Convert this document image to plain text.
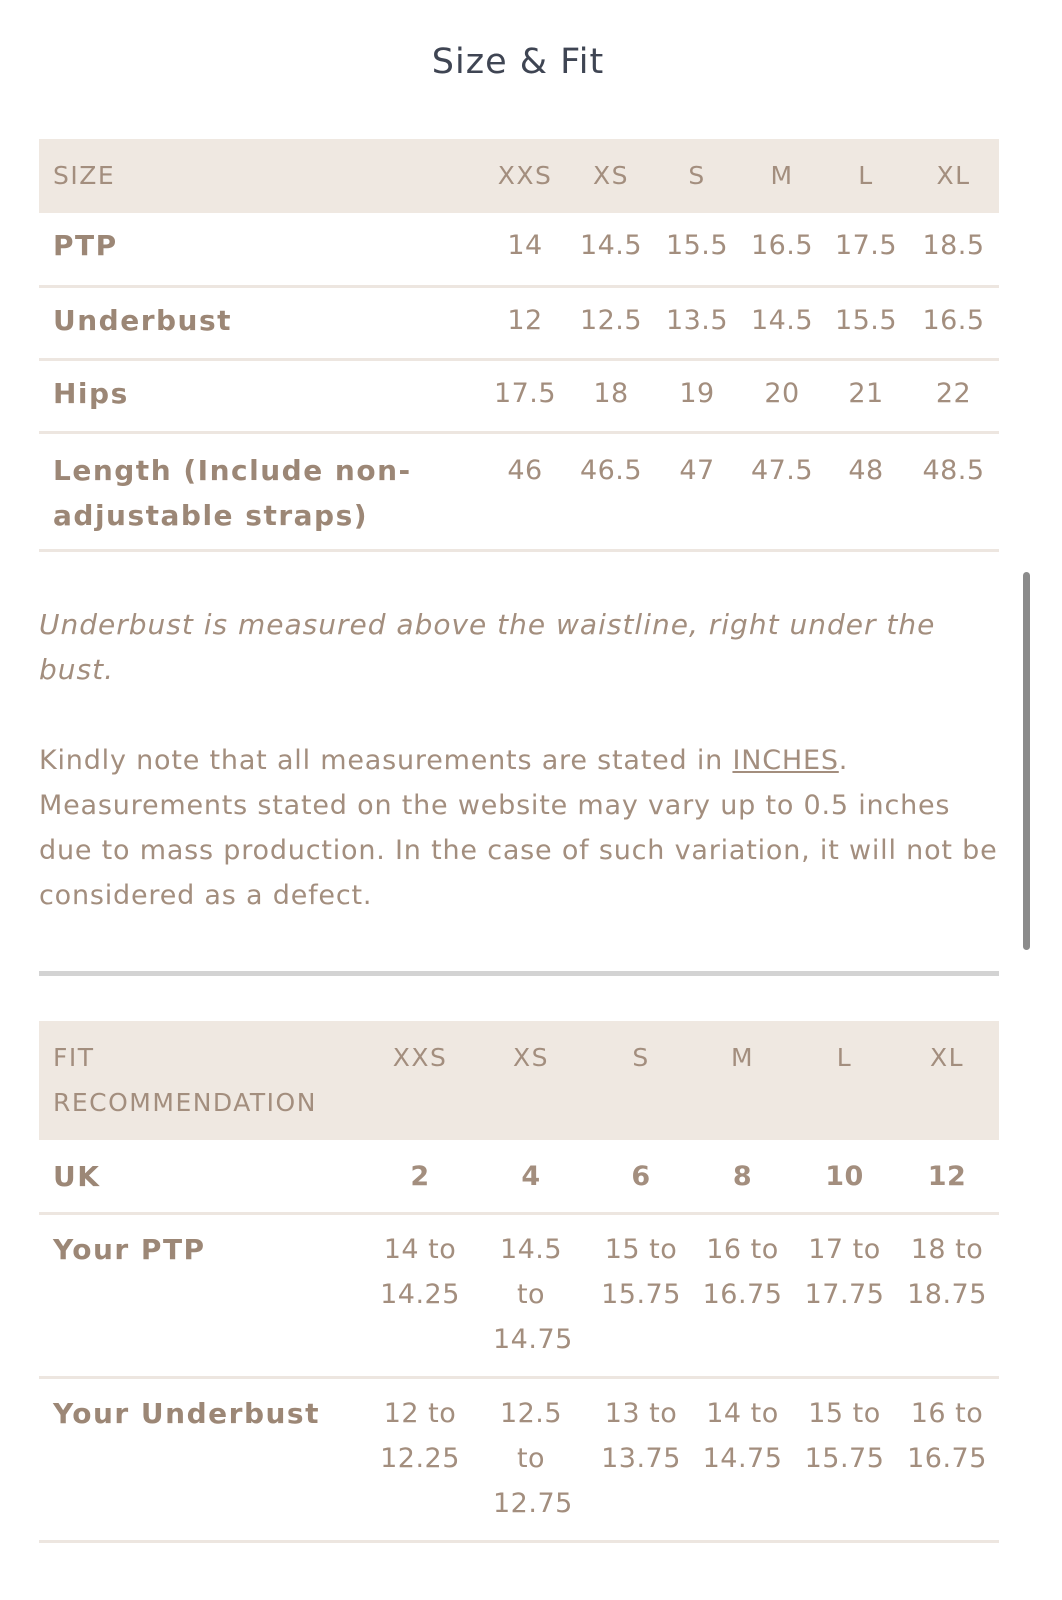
Size & Fit
SIZE	XXS	XS	S	M	L	XL
PTP	14	14.5	15.5	16.5	17.5	18.5
Underbust	12	12.5	13.5	14.5	15.5	16.5
Hips	17.5	18	19	20	21	22
Length (Include non-adjustable straps)	46	46.5	47	47.5	48	48.5

Underbust is measured above the waistline, right under the bust.

Kindly note that all measurements are stated in INCHES. Measurements stated on the website may vary up to 0.5 inches due to mass production. In the case of such variation, it will not be considered as a defect.

FIT RECOMMENDATION	XXS	XS	S	M	L	XL
UK	2	4	6	8	10	12
Your PTP	14 to 14.25	14.5 to 14.75	15 to 15.75	16 to 16.75	17 to 17.75	18 to 18.75
Your Underbust	12 to 12.25	12.5 to 12.75	13 to 13.75	14 to 14.75	15 to 15.75	16 to 16.75
